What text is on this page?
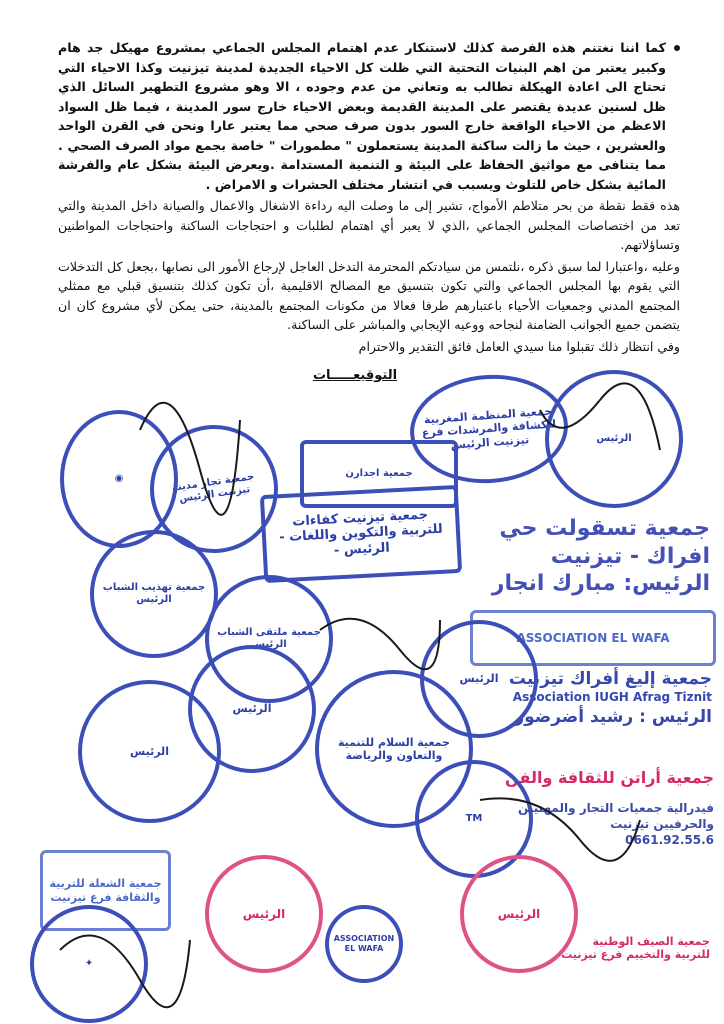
كما اننا نغتنم هذه الفرصة كذلك لاستنكار عدم اهتمام المجلس الجماعي بمشروع مهيكل جد هام وكبير يعتبر من اهم البنيات التحتية التي ظلت كل الاحياء الجديدة لمدينة تيزنيت وكذا الاحياء التي تحتاج الى اعادة الهيكلة تطالب به وتعاني من عدم وجوده ، الا وهو مشروع التطهير السائل الذي ظل لسنين عديدة يقتصر على المدينة القديمة وبعض الاحياء خارج سور المدينة ، فيما ظل السواد الاعظم من الاحياء الواقعة خارج السور بدون صرف صحي مما يعتبر عارا ونحن في القرن الواحد والعشرين ، حيث ما زالت ساكنة المدينة يستعملون " مطمورات " خاصة بجمع مواد الصرف الصحي . مما يتنافى مع مواثيق الحفاظ على البيئة و التنمية المستدامة .ويعرض البيئة بشكل عام والفرشة المائية بشكل خاص للتلوث ويسبب في انتشار مختلف الحشرات و الامراض .

هذه فقط نقطة من بحر متلاطم الأمواج، تشير إلى ما وصلت اليه رداءة الاشغال والاعمال والصيانة داخل المدينة والتي تعد من اختصاصات المجلس الجماعي ،الذي لا يعبر أي اهتمام لطلبات و احتجاجات الساكنة واحتجاجات المواطنين وتساؤلاتهم.

وعليه ،واعتبارا لما سبق ذكره ،نلتمس من سيادتكم المحترمة التدخل العاجل لإرجاع الأمور الى نصابها ،بجعل كل التدخلات التي يقوم بها المجلس الجماعي والتي تكون بتنسيق مع المصالح الاقليمية ،أن تكون كذلك بتنسيق قبلي مع ممثلي المجتمع المدني وجمعيات الأحياء باعتبارهم طرفا فعالا من مكونات المجتمع بالمدينة، حتى يمكن لأي مشروع كان ان يتضمن جميع الجوانب الضامنة لنجاحه ووعيه الإيجابي والمباشر على الساكنة.

وفي انتظار ذلك تقبلوا منا سيدي العامل فائق التقدير والاحترام

التوقيعـــــات
جمعية المنظمة المغربية للكشافة والمرشدات فرع تيزنيت الرئيس	الرئيس
جمعية اجدارن
جمعية تيزنيت كفاءات للتربية والتكوين واللغات - الرئيس -
جمعية تسقولت حي افراك - تيزنيت الرئيس: مبارك انجار
ASSOCIATION EL WAFA
جمعية إليغ أفراك تيزنيت
Association IUGH Afrag Tiznit
الرئيس : رشيد أضرضور
جمعية أراتن للثقافة والفن
جمعية تجار مدينة تيزنيت الرئيس
◉
جمعية تهذيب الشباب الرئيس
جمعية ملتقى الشباب الرئيس
الرئيس
الرئيس
جمعية السلام للتنمية والتعاون والرياضة
الرئيس
TM
فيدرالية جمعيات التجار والمهنيين والحرفيين تيزنيت
0661.92.55.6
جمعية الشعلة للتربية والثقافة فرع تيزنيت
الرئيس	الرئيس
ASSOCIATION EL WAFA
جمعية الصيف الوطنية للتربية والتخييم فرع تيزنيت
✦
